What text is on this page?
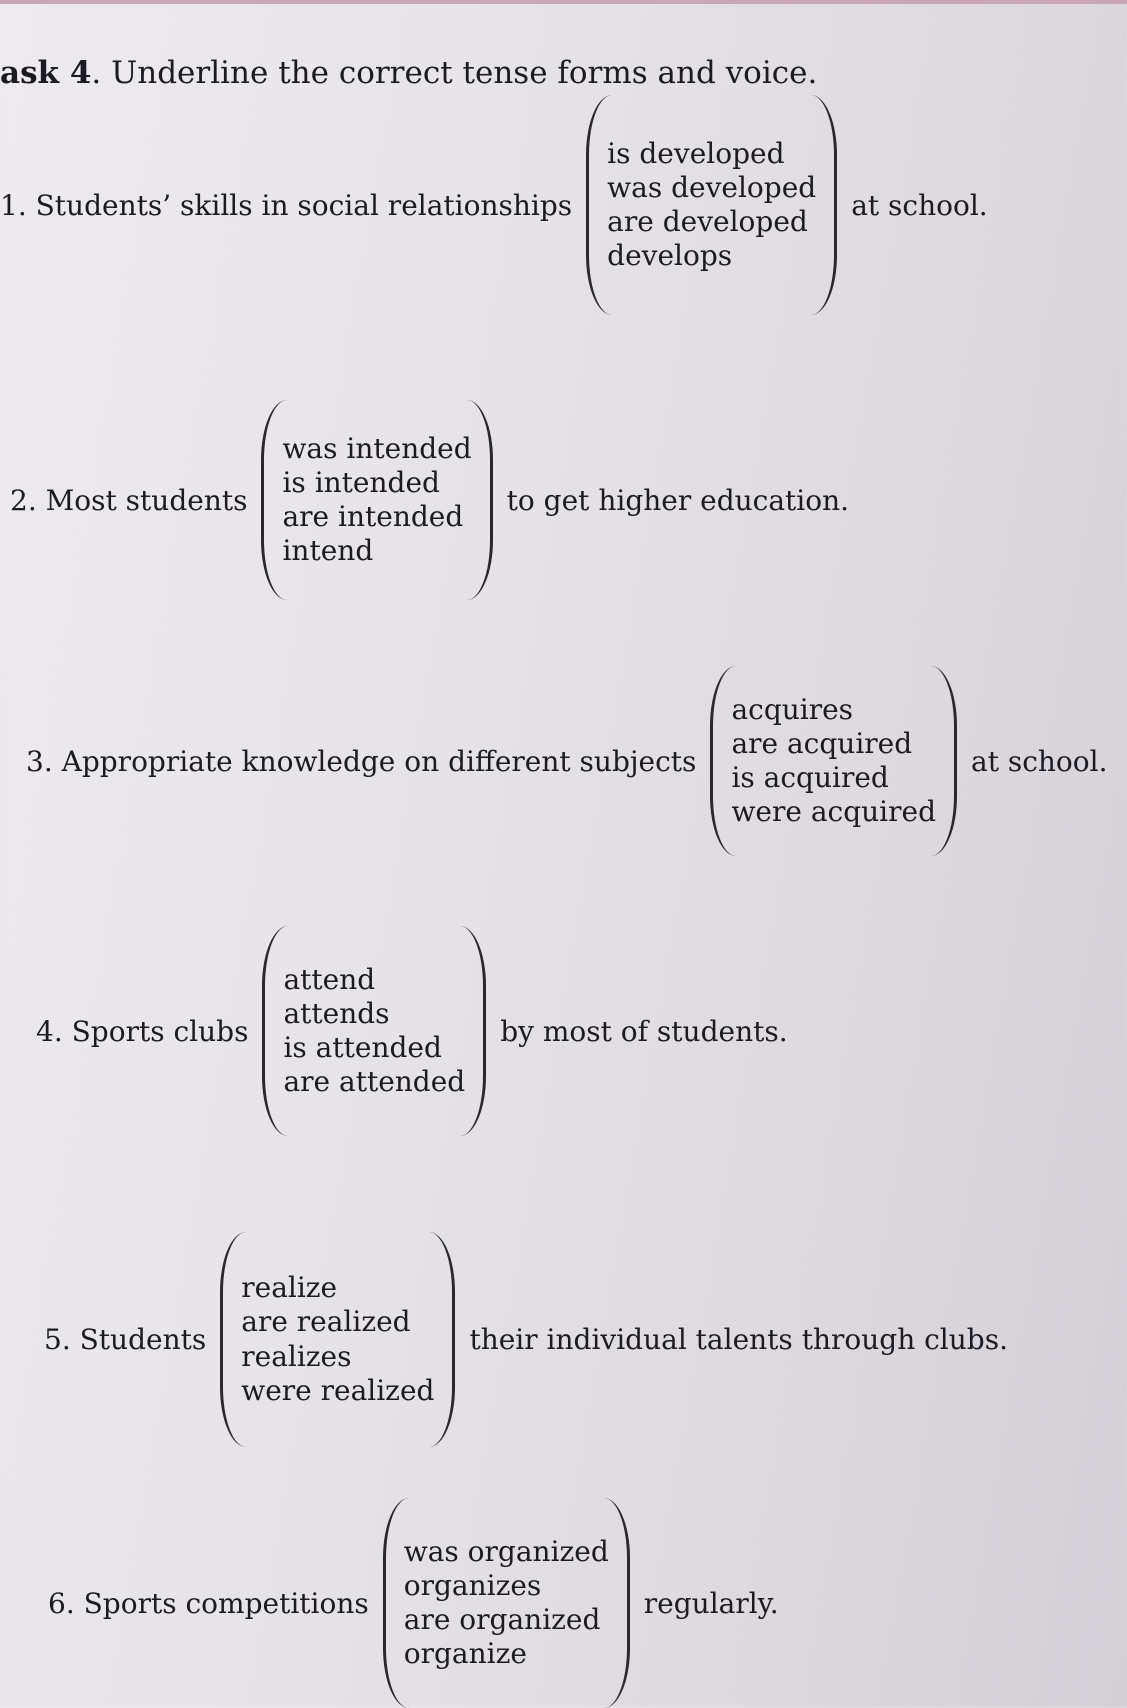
ask 4. Underline the correct tense forms and voice.
1. Students’ skills in social relationships
is developed
was developed
are developed
develops
at school.
2. Most students
was intended
is intended
are intended
intend
to get higher education.
3. Appropriate knowledge on different subjects
acquires
are acquired
is acquired
were acquired
at school.
4. Sports clubs
attend
attends
is attended
are attended
by most of students.
5. Students
realize
are realized
realizes
were realized
their individual talents through clubs.
6. Sports competitions
was organized
organizes
are organized
organize
regularly.
